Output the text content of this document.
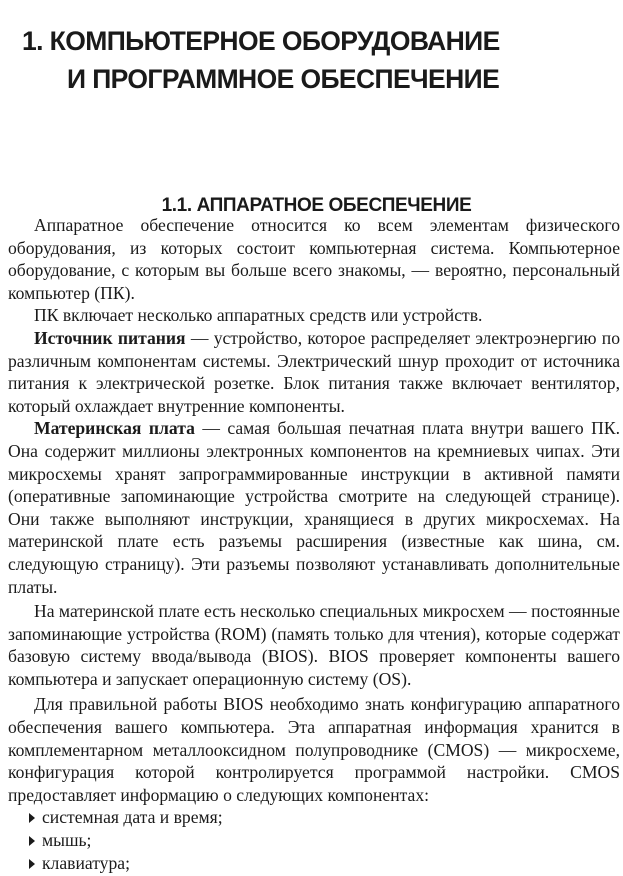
1. КОМПЬЮТЕРНОЕ ОБОРУДОВАНИЕ
И ПРОГРАММНОЕ ОБЕСПЕЧЕНИЕ
1.1. АППАРАТНОЕ ОБЕСПЕЧЕНИЕ

Аппаратное обеспечение относится ко всем элементам физического оборудования, из которых состоит компьютерная система. Компьютерное оборудование, с которым вы больше всего знакомы, — вероятно, персональный компьютер (ПК).

ПК включает несколько аппаратных средств или устройств.

Источник питания — устройство, которое распределяет электроэнергию по различным компонентам системы. Электрический шнур проходит от источника питания к электрической розетке. Блок питания также включает вентилятор, который охлаждает внутренние компоненты.

Материнская плата — самая большая печатная плата внутри вашего ПК. Она содержит миллионы электронных компонентов на кремниевых чипах. Эти микросхемы хранят запрограммированные инструкции в активной памяти (оперативные запоминающие устройства смотрите на следующей странице). Они также выполняют инструкции, хранящиеся в других микросхемах. На материнской плате есть разъемы расширения (известные как шина, см. следующую страницу). Эти разъемы позволяют устанавливать дополнительные платы.

На материнской плате есть несколько специальных микросхем — постоянные запоминающие устройства (ROM) (память только для чтения), которые содержат базовую систему ввода/вывода (BIOS). BIOS проверяет компоненты вашего компьютера и запускает операционную систему (OS).

Для правильной работы BIOS необходимо знать конфигурацию аппаратного обеспечения вашего компьютера. Эта аппаратная информация хранится в комплементарном металлооксидном полупроводнике (CMOS) — микросхеме, конфигурация которой контролируется программой настройки. CMOS предоставляет информацию о следующих компонентах:

системная дата и время;
мышь;
клавиатура;
